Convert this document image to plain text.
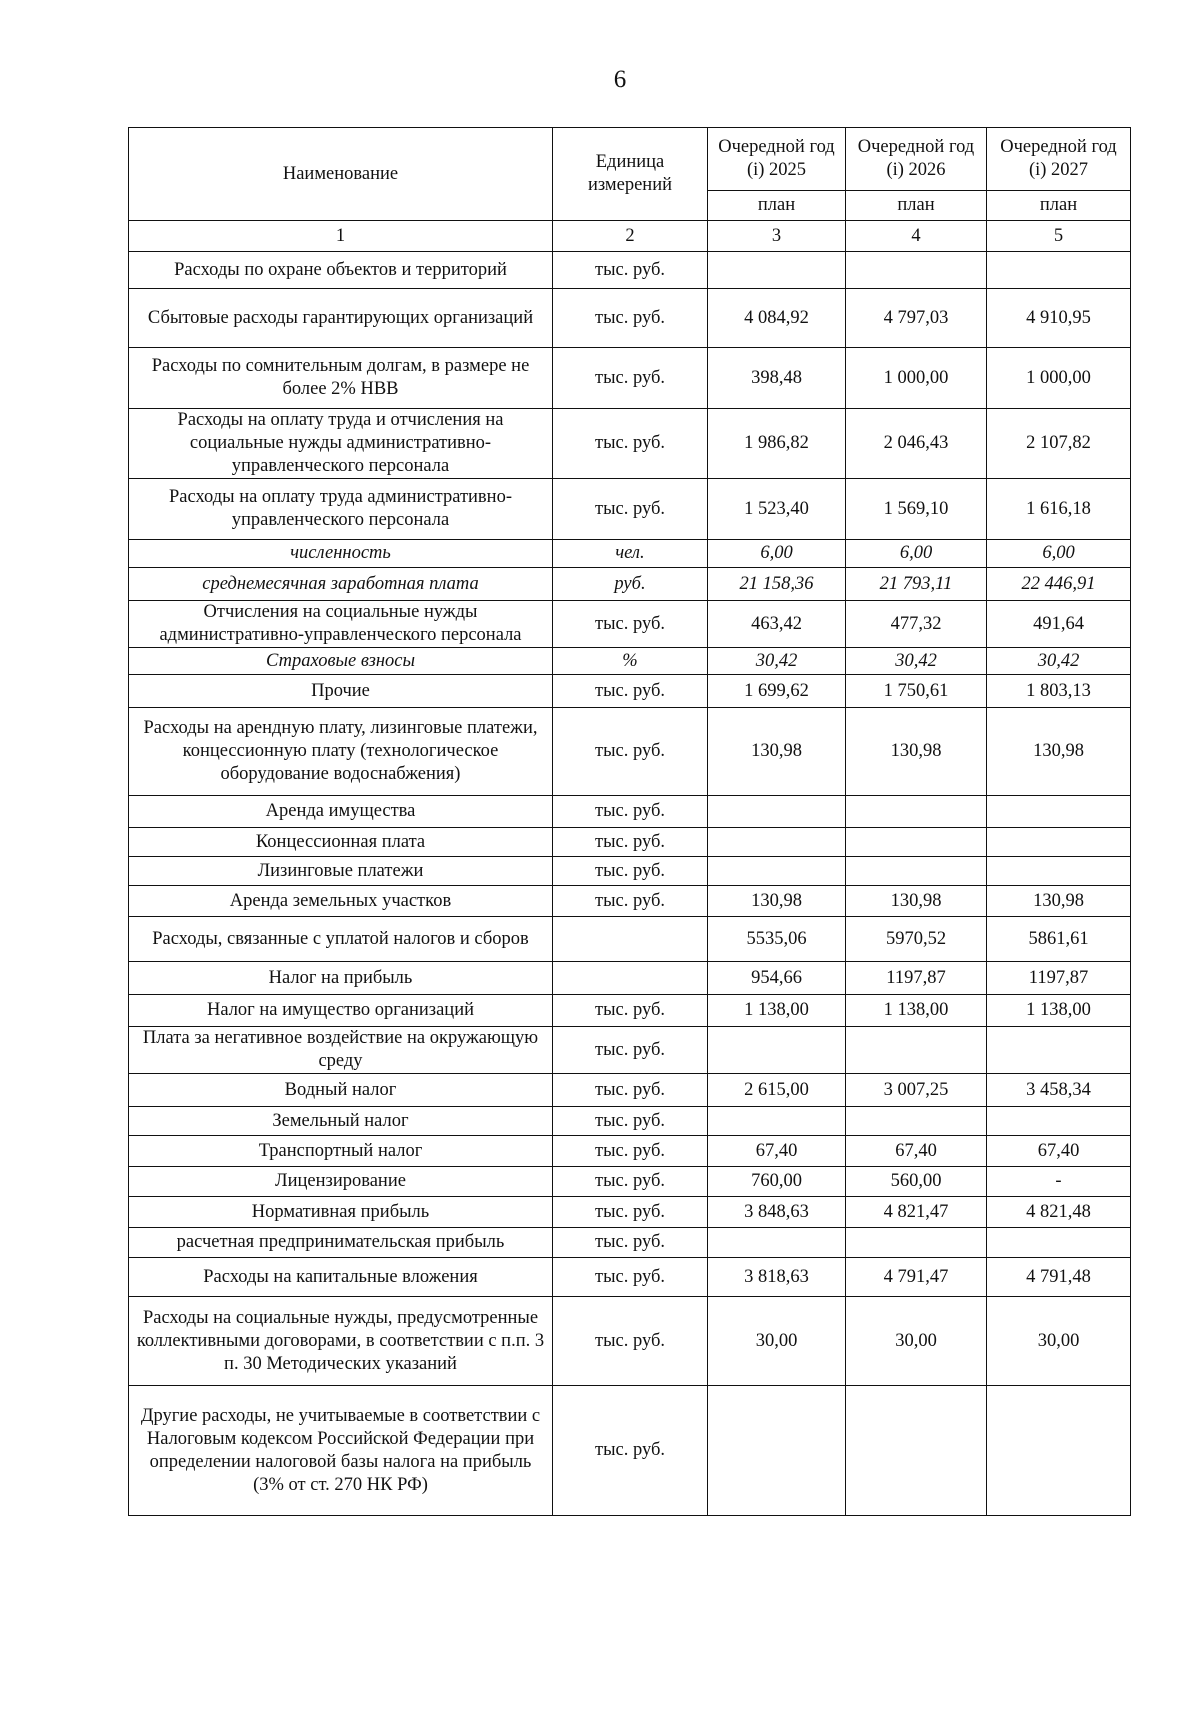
6
Наименование	Единица измерений	Очередной год (i) 2025	Очередной год (i) 2026	Очередной год (i) 2027
		план	план	план
1	2	3	4	5
Расходы по охране объектов и территорий	тыс. руб.			
Сбытовые расходы гарантирующих организаций	тыс. руб.	4 084,92	4 797,03	4 910,95
Расходы по сомнительным долгам, в размере не более 2% НВВ	тыс. руб.	398,48	1 000,00	1 000,00
Расходы на оплату труда и отчисления на социальные нужды административно-управленческого персонала	тыс. руб.	1 986,82	2 046,43	2 107,82
Расходы на оплату труда административно-управленческого персонала	тыс. руб.	1 523,40	1 569,10	1 616,18
численность	чел.	6,00	6,00	6,00
среднемесячная заработная плата	руб.	21 158,36	21 793,11	22 446,91
Отчисления на социальные нужды административно-управленческого персонала	тыс. руб.	463,42	477,32	491,64
Страховые взносы	%	30,42	30,42	30,42
Прочие	тыс. руб.	1 699,62	1 750,61	1 803,13
Расходы на арендную плату, лизинговые платежи, концессионную плату (технологическое оборудование водоснабжения)	тыс. руб.	130,98	130,98	130,98
Аренда имущества	тыс. руб.			
Концессионная плата	тыс. руб.			
Лизинговые платежи	тыс. руб.			
Аренда земельных участков	тыс. руб.	130,98	130,98	130,98
Расходы, связанные с уплатой налогов и сборов		5535,06	5970,52	5861,61
Налог на прибыль		954,66	1197,87	1197,87
Налог на имущество организаций	тыс. руб.	1 138,00	1 138,00	1 138,00
Плата за негативное воздействие на окружающую среду	тыс. руб.			
Водный налог	тыс. руб.	2 615,00	3 007,25	3 458,34
Земельный налог	тыс. руб.			
Транспортный налог	тыс. руб.	67,40	67,40	67,40
Лицензирование	тыс. руб.	760,00	560,00	-
Нормативная прибыль	тыс. руб.	3 848,63	4 821,47	4 821,48
расчетная предпринимательская прибыль	тыс. руб.			
Расходы на капитальные вложения	тыс. руб.	3 818,63	4 791,47	4 791,48
Расходы на социальные нужды, предусмотренные коллективными договорами, в соответствии с п.п. 3 п. 30 Методических указаний	тыс. руб.	30,00	30,00	30,00
Другие расходы, не учитываемые в соответствии с Налоговым кодексом Российской Федерации при определении налоговой базы налога на прибыль (3% от ст. 270 НК РФ)	тыс. руб.			
